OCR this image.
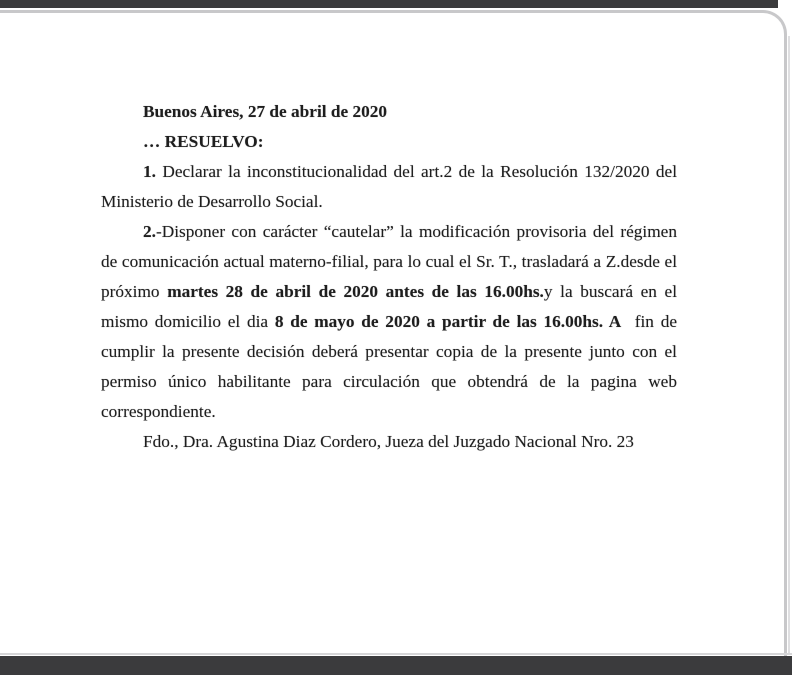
Buenos Aires, 27 de abril de 2020

… RESUELVO:

1. Declarar la inconstitucionalidad del art.2 de la Resolución 132/2020 del Ministerio de Desarrollo Social.

2.-Disponer con carácter “cautelar” la modificación provisoria del régimen de comunicación actual materno-filial, para lo cual el Sr. T., trasladará a Z.desde el próximo martes 28 de abril de 2020 antes de las 16.00hs.y la buscará en el mismo domicilio el dia 8 de mayo de 2020 a partir de las 16.00hs. A  fin de cumplir la presente decisión deberá presentar copia de la presente junto con el permiso único habilitante para circulación que obtendrá de la pagina web correspondiente.

Fdo., Dra. Agustina Diaz Cordero, Jueza del Juzgado Nacional Nro. 23
